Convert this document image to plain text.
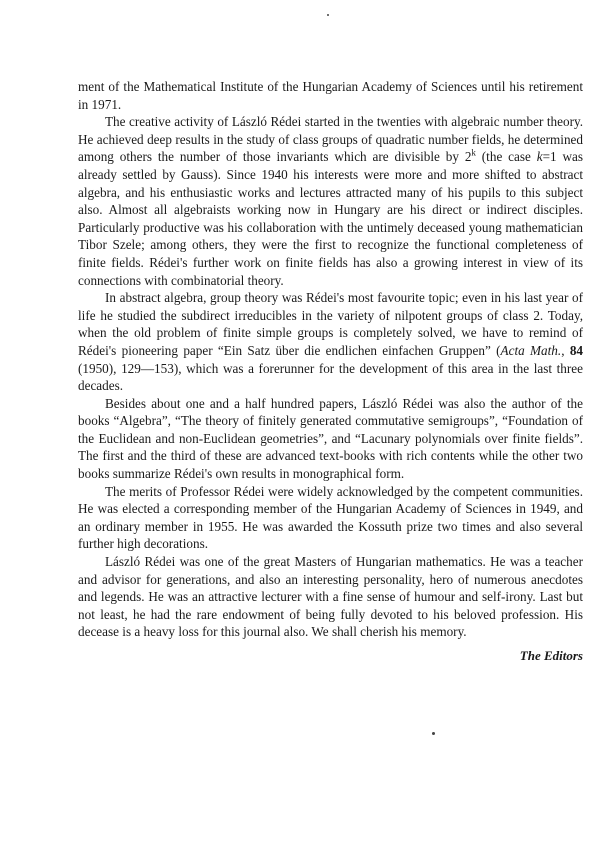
ment of the Mathematical Institute of the Hungarian Academy of Sciences until his retirement in 1971.

The creative activity of László Rédei started in the twenties with algebraic number theory. He achieved deep results in the study of class groups of quadratic number fields, he determined among others the number of those invariants which are divisible by 2$^k$ (the case k=1 was already settled by Gauss). Since 1940 his interests were more and more shifted to abstract algebra, and his enthusiastic works and lectures attracted many of his pupils to this subject also. Almost all algebraists working now in Hungary are his direct or indirect disciples. Particularly productive was his collaboration with the untimely deceased young mathematician Tibor Szele; among others, they were the first to recognize the functional completeness of finite fields. Rédei's further work on finite fields has also a growing interest in view of its connections with combinatorial theory.

In abstract algebra, group theory was Rédei's most favourite topic; even in his last year of life he studied the subdirect irreducibles in the variety of nilpotent groups of class 2. Today, when the old problem of finite simple groups is completely solved, we have to remind of Rédei's pioneering paper “Ein Satz über die endlichen einfachen Gruppen” (Acta Math., 84 (1950), 129—153), which was a forerunner for the development of this area in the last three decades.

Besides about one and a half hundred papers, László Rédei was also the author of the books “Algebra”, “The theory of finitely generated commutative semigroups”, “Foundation of the Euclidean and non-Euclidean geometries”, and “Lacunary polynomials over finite fields”. The first and the third of these are advanced text-books with rich contents while the other two books summarize Rédei's own results in monographical form.

The merits of Professor Rédei were widely acknowledged by the competent communities. He was elected a corresponding member of the Hungarian Academy of Sciences in 1949, and an ordinary member in 1955. He was awarded the Kossuth prize two times and also several further high decorations.

László Rédei was one of the great Masters of Hungarian mathematics. He was a teacher and advisor for generations, and also an interesting personality, hero of numerous anecdotes and legends. He was an attractive lecturer with a fine sense of humour and self-irony. Last but not least, he had the rare endowment of being fully devoted to his beloved profession. His decease is a heavy loss for this journal also. We shall cherish his memory.

The Editors
